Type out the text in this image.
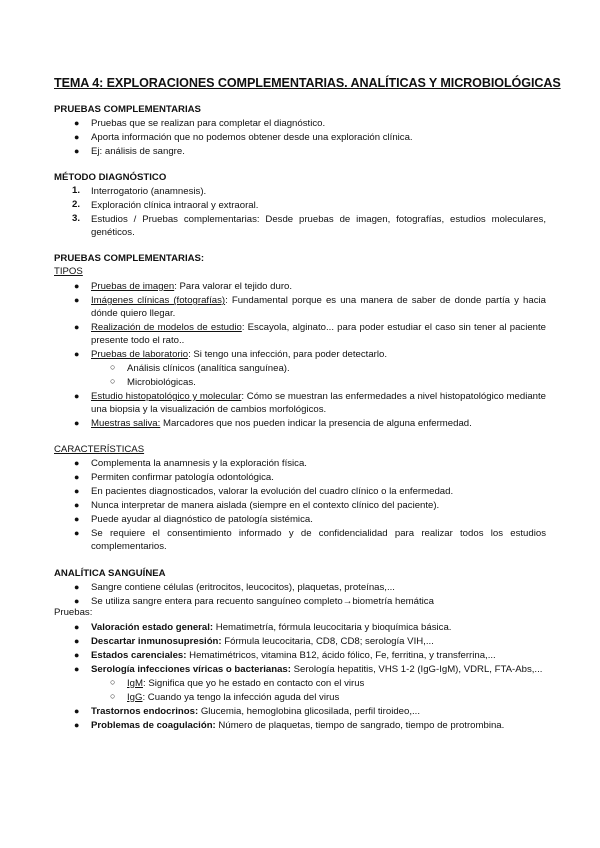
TEMA 4: EXPLORACIONES COMPLEMENTARIAS. ANALÍTICAS Y MICROBIOLÓGICAS
PRUEBAS COMPLEMENTARIAS
● Pruebas que se realizan para completar el diagnóstico.
● Aporta información que no podemos obtener desde una exploración clínica.
● Ej: análisis de sangre.
MÉTODO DIAGNÓSTICO
1. Interrogatorio (anamnesis).
2. Exploración clínica intraoral y extraoral.
3. Estudios / Pruebas complementarias: Desde pruebas de imagen, fotografías, estudios moleculares, genéticos.
PRUEBAS COMPLEMENTARIAS:
TIPOS
● Pruebas de imagen: Para valorar el tejido duro.
● Imágenes clínicas (fotografías): Fundamental porque es una manera de saber de donde partía y hacia dónde quiero llegar.
● Realización de modelos de estudio: Escayola, alginato... para poder estudiar el caso sin tener al paciente presente todo el rato..
● Pruebas de laboratorio: Si tengo una infección, para poder detectarlo.
○ Análisis clínicos (analítica sanguínea).
○ Microbiológicas.
● Estudio histopatológico y molecular: Cómo se muestran las enfermedades a nivel histopatológico mediante una biopsia y la visualización de cambios morfológicos.
● Muestras saliva: Marcadores que nos pueden indicar la presencia de alguna enfermedad.
CARACTERÍSTICAS
● Complementa la anamnesis y la exploración física.
● Permiten confirmar patología odontológica.
● En pacientes diagnosticados, valorar la evolución del cuadro clínico o la enfermedad.
● Nunca interpretar de manera aislada (siempre en el contexto clínico del paciente).
● Puede ayudar al diagnóstico de patología sistémica.
● Se requiere el consentimiento informado y de confidencialidad para realizar todos los estudios complementarios.
ANALÍTICA SANGUÍNEA
● Sangre contiene células (eritrocitos, leucocitos), plaquetas, proteínas,...
● Se utiliza sangre entera para recuento sanguíneo completo→biometría hemática
Pruebas:
● Valoración estado general: Hematimetría, fórmula leucocitaria y bioquímica básica.
● Descartar inmunosupresión: Fórmula leucocitaria, CD8, CD8; serología VIH,...
● Estados carenciales: Hematimétricos, vitamina B12, ácido fólico, Fe, ferritina, y transferrina,...
● Serología infecciones víricas o bacterianas: Serología hepatitis, VHS 1-2 (IgG-IgM), VDRL, FTA-Abs,...
○ IgM: Significa que yo he estado en contacto con el virus
○ IgG: Cuando ya tengo la infección aguda del virus
● Trastornos endocrinos: Glucemia, hemoglobina glicosilada, perfil tiroideo,...
● Problemas de coagulación: Número de plaquetas, tiempo de sangrado, tiempo de protrombina.
